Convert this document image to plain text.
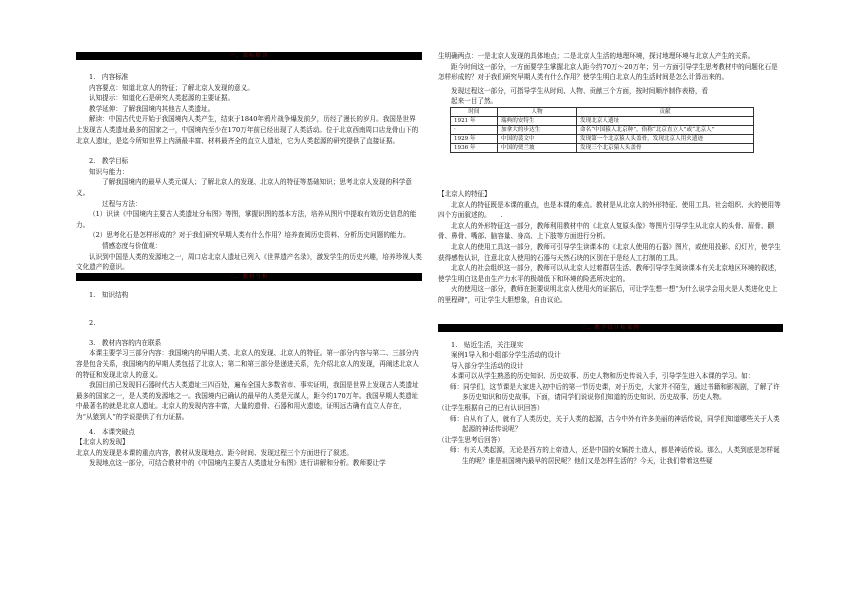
一、课标解读

1.　内容标准

内容要点：知道北京人的特征；了解北京人发现的意义。

认知提示：知道化石是研究人类起源的主要证据。

教学延伸：了解我国境内其他古人类遗址。

解读：中国古代史开始于我国境内人类产生，结束于1840年鸦片战争爆发前夕，历经了漫长的岁月。我国是世界上发现古人类遗址最多的国家之一，中国境内至少在170万年前已经出现了人类活动。位于北京西南周口店龙骨山下的北京人遗址，是迄今所知世界上内涵最丰富、材料最齐全的直立人遗址，它为人类起源的研究提供了直接证据。

2.　教学目标

知识与能力：

了解我国境内的最早人类元谋人；了解北京人的发现、北京人的特征等基础知识；思考北京人发现的科学意义。

过程与方法：

（1）识读《中国境内主要古人类遗址分布图》等图，掌握识图的基本方法，培养从图片中提取有效历史信息的能力。

（2）思考化石是怎样形成的？对于我们研究早期人类有什么作用？培养查阅历史资料、分析历史问题的能力。

情感态度与价值观：

认识到中国是人类的发源地之一，周口店北京人遗址已列入《世界遗产名录》，激发学生的历史兴趣，培养珍视人类文化遗产的意识。

二、教材分析

1.　知识结构

2.

3.　教材内容的内在联系

本课主要学习三部分内容：我国境内的早期人类、北京人的发现、北京人的特征。第一部分内容与第二、三部分内容是包含关系，我国境内的早期人类包括了北京人；第二和第三部分是递进关系，先介绍北京人的发现，再阐述北京人的特征和发现北京人的意义。

我国目前已发现旧石器时代古人类遗址三四百处，遍布全国大多数省市、事实证明，我国是世界上发现古人类遗址最多的国家之一，是人类的发源地之一。我国境内已确认的最早的人类是元谋人，距今约170万年。我国早期人类遗址中最著名的就是北京人遗址。北京人的发现内容丰富，大量的遗骨、石器和用火遗迹，证明远古确有直立人存在，为“从猿到人”的学说提供了有力证据。

4.　本课突破点

【北京人的发现】

北京人的发现是本课的重点内容，教材从发现地点、距今时间、发现过程三个方面进行了叙述。

发现地点这一部分，可结合教材中的《中国境内主要古人类遗址分布图》进行讲解和分析。教师要让学

生明确两点：一是北京人发现的具体地点；二是北京人生活的地理环境，探讨地理环境与北京人产生的关系。

距今时间这一部分，一方面要学生掌握北京人距今约70万～20万年；另一方面引导学生思考教材中的问题化石是怎样形成的？对于我们研究早期人类有什么作用？使学生明白北京人的生活时间是怎么计算出来的。

发现过程这一部分，可指导学生从时间、人物、贡献三个方面，按时间顺序制作表格，看

起来一目了然。

时间	人物	贡献
1921 年	瑞典的安特生	发现北京人遗址
·	加拿大的步达生	命名“中国猿人北京种”，俗称“北京直立人”或“北京人”
1929 年	中国的裴文中	发现第一个北京猿人头盖骨，发现北京人用火遗迹
1936 年	中国的贾兰坡	发现三个北京猿人头盖骨

【北京人的特征】

北京人的特征既是本课的重点，也是本课的难点。教材是从北京人的外形特征、使用工具、社会组织、火的使用等四个方面叙述的。　　.

北京人的外形特征这一部分，教师利用教材中的《北京人复原头像》等图片引导学生从北京人的头骨、眉骨、颧骨、鼻骨、嘴部、脑容量、身高、上下肢等方面进行分析。

北京人的使用工具这一部分，教师可引导学生读课本的《北京人使用的石器》图片，或使用投影、幻灯片，使学生获得感性认识，注意北京人使用的石器与天然石块的区别在于是经人工打制的工具。

北京人的社会组织这一部分，教师可以从北京人过着群居生活、教师引导学生阅读课本有关北京地区环境的叙述，使学生明白这是由生产力水平的极端低下和环境的险恶所决定的。

火的使用这一部分，教师在扼要说明北京人使用火的证据后，可让学生想一想“为什么说学会用火是人类进化史上的里程碑”，可让学生大胆想象，自由议论。

三、教学设计和案例

1.　贴近生活，关注现实

案例1导入和小组部分学生活动的设计

导入部分学生活动的设计

本课可以从学生熟悉的历史知识、历史故事、历史人物和历史传说入手，引导学生进入本课的学习。如：

师：同学们，这节课是大家进入初中后的第一节历史课，对于历史，大家并不陌生，通过书籍和影视剧，了解了许多历史知识和历史故事。下面，请同学们说说你们知道的历史知识、历史故事、历史人物。

（让学生根据自己的已有认识回答）

师：自从有了人，就有了人类历史，关于人类的起源，古今中外有许多美丽的神话传说，同学们知道哪些关于人类起源的神话传说呢？

（让学生思考后回答）

师：有关人类起源，无论是西方的上帝造人，还是中国的女娲抟土造人，都是神话传说。那么，人类到底是怎样诞生的呢？谁是祖国境内最早的居民呢？他们又是怎样生活的？今天，让我们带着这些疑
